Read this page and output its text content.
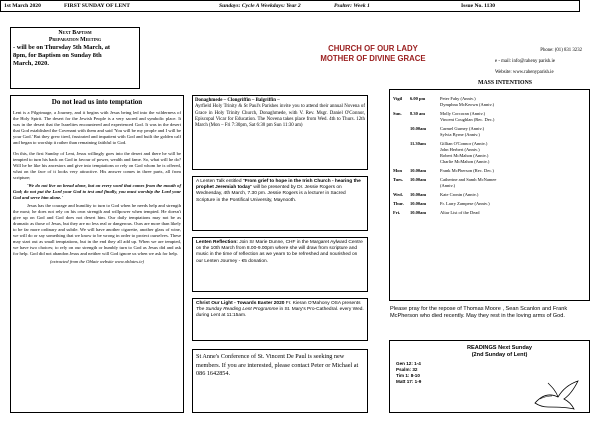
1st March 2020	FIRST SUNDAY OF LENT	Sundays: Cycle A Weekdays: Year 2	Psalter: Week 1	Issue No. 1130
Next Baptism
Preparation Meeting
- will be on Thursday 5th March, at
8pm, for Baptism on Sunday 8th
March, 2020.
CHURCH OF OUR LADY
MOTHER OF DIVINE GRACE
Phone: (01) 831 3232
e - mail: info@raheny parish.ie
Website: www.rahenyparish.ie
Do not lead us into temptation
Lent is a Pilgrimage, a Journey, and it begins with Jesus being led into the wilderness of the Holy Spirit. The desert for the Jewish People is a very sacred and symbolic place. It was in the desert that the Israelites encountered and experienced God. It was in the desert that God established the Covenant with them and said 'You will be my people and I will be your God.' But they grew tired, frustrated and impatient with God and built the golden calf and began to worship it rather than remaining faithful to God.
On this, the first Sunday of Lent, Jesus willingly goes into the desert and there he will be tempted to turn his back on God in favour of power, wealth and fame. So, what will he do? Will he be like his ancestors and give into temptations or rely on God whom he is offered, what on the face of it looks very attractive. His answer comes in three parts, all from scripture;
'We do not live on bread alone, but on every word that comes from the mouth of God; do not put the Lord your God to test and finally, you must worship the Lord your God and serve him alone.'
Jesus has the courage and humility to turn to God when he needs help and strength the most; he does not rely on his own strength and willpower when tempted. He doesn't give up on God and God does not desert him. Our daily temptations may not be as dramatic as those of Jesus, but they are no less real or dangerous. Ours are more than likely to be far more ordinary and subtle. We will have another cigarette, another glass of wine, we will do or say something that we know to be wrong in order to protect ourselves. These may start out as small temptations, but in the end they all add up. When we are tempted, we have two choices; to rely on our strength or humbly turn to God as Jesus did and ask for help. God did not abandon Jesus and neither will God ignore us when we ask for help.
(extracted from the Oblate website www.oblates.ie)
Donaghmede – Clongriffin – Balgriffin –
Ayrfield Holy Trinity & St Paul's Parishes invite you to attend their annual Novena of Grace in Holy Trinity Church, Donaghmede, with V. Rev. Msgr. Daniel O'Connor, Episcopal Vicar for Education. The Novena takes place from Wed. 4th to Thurs. 12th March (Mon – Fri 7:30pm, Sat 6:30 pm Sun 11:30 am)
A Lenten Talk entitled "From grief to hope in the Irish Church - hearing the prophet Jeremiah today" will be presented by Dr. Jessie Rogers on Wednesday, 4th March, 7.30 pm. Jessie Rogers is a lecturer in Sacred Scripture in the Pontifical University, Maynooth.
Lenten Reflection: Join Sr Marie Dunne, CHF in the Margaret Aylward Centre on the 10th March from 8.00-9.00pm where she will draw from scripture and music in the time of reflection as we yearn to be refreshed and nourished on our Lenten Journey - €5 donation.
Christ Our Light - Towards Easter 2020 Fr. Kieran O'Mahony OSA presents The Sunday Reading Lent Programme in St. Mary's Pro-Cathedral. every Wed. during Lent at 11:15am.
St Anne's Conference of St. Vincent De Paul is seeking new members. If you are interested, please contact Peter or Michael at 086 1642854.
MASS INTENTIONS
Vigil	6.00 pm	Peter Fahy (Anniv.)
Dymphna McKeown (Anniv.)
Sun.	8.30 am	Molly Corcoran (Anniv.)
Vincent Coughlan (Rec. Dec.)
10.00am	Carmel Gurney (Anniv.)
Sylvia Byrne (Anniv.)
11.30am	Gillian O'Connor (Anniv.)
John Herbert (Anniv.)
Robert McMahon (Anniv.)
Charlie McMahon (Anniv.)
Mon	10.00am	Frank McPherson (Rec. Dec.)
Tues.	10.00am	Catherine and Samh McNamee
(Anniv.)
Wed.	10.00am	Kate Cronin (Anniv.)
Thur.	10.00am	Fr. Larry Zampese (Anniv.)
Fri.	10.00am	Altar List of the Dead
Please pray for the repose of Thomas Moore , Sean Scanlon and Frank McPherson who died recently. May they rest in the loving arms of God.
READINGS Next Sunday
(2nd Sunday of Lent)
Gen 12: 1-4
Psalm: 32
Tim 1: 8-10
Matt 17: 1-9
